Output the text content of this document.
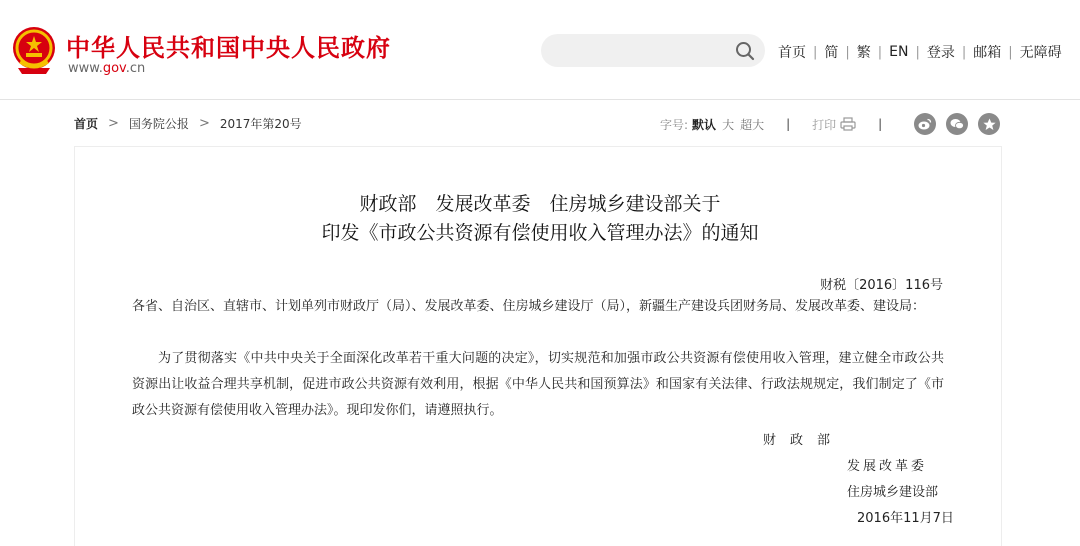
中华人民共和国中央人民政府
www.gov.cn
首页 | 简 | 繁 | EN | 登录 | 邮箱 | 无障碍
首页 > 国务院公报 > 2017年第20号	字号: 默认 大 超大 | 打印	|
财政部　发展改革委　住房城乡建设部关于
印发《市政公共资源有偿使用收入管理办法》的通知
财税〔2016〕116号
各省、自治区、直辖市、计划单列市财政厅（局）、发展改革委、住房城乡建设厅（局），新疆生产建设兵团财务局、发展改革委、建设局：
为了贯彻落实《中共中央关于全面深化改革若干重大问题的决定》，切实规范和加强市政公共资源有偿使用收入管理，建立健全市政公共资源出让收益合理共享机制，促进市政公共资源有效利用，根据《中华人民共和国预算法》和国家有关法律、行政法规规定，我们制定了《市政公共资源有偿使用收入管理办法》。现印发你们，请遵照执行。
财政部
发展改革委
住房城乡建设部
2016年11月7日
